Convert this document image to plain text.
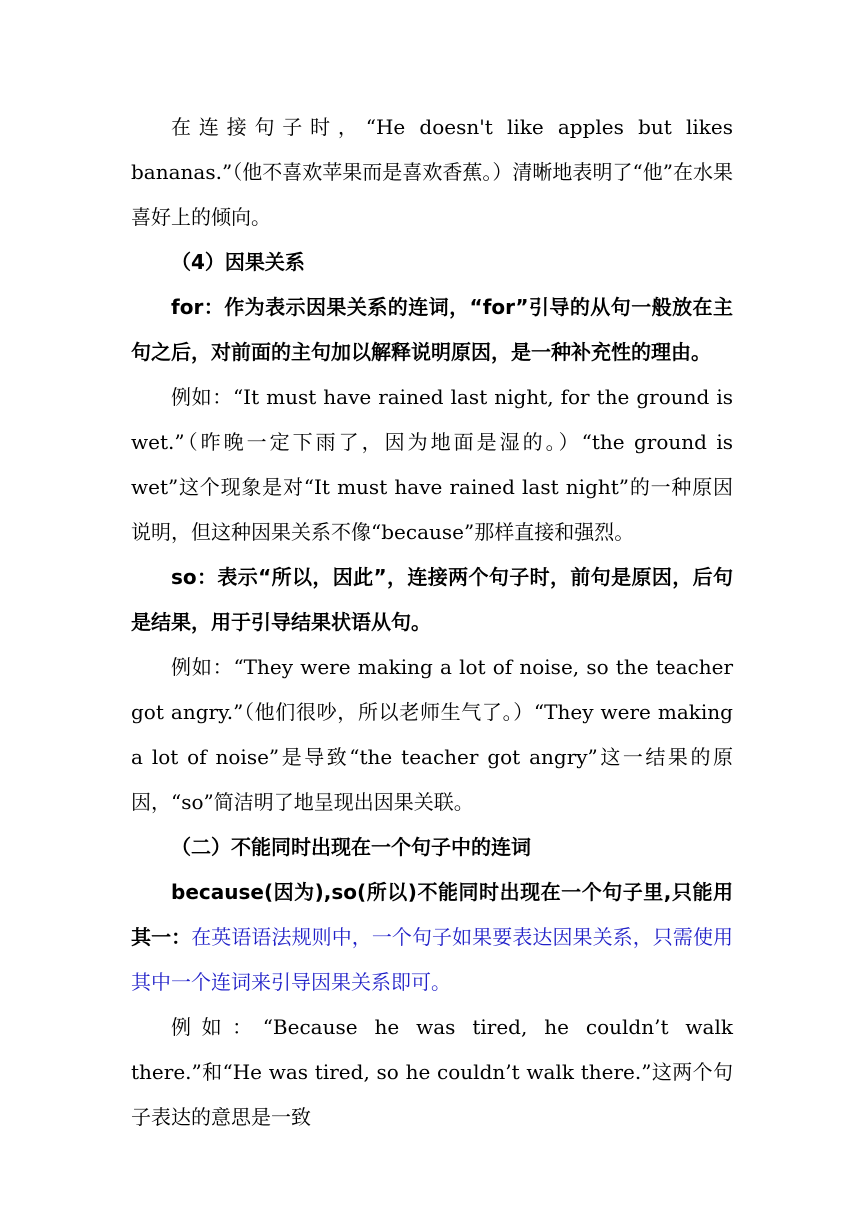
在连接句子时，“He doesn't like apples but likes bananas.”（他不喜欢苹果而是喜欢香蕉。）清晰地表明了“他”在水果喜好上的倾向。

（4）因果关系

for：作为表示因果关系的连词，“for”引导的从句一般放在主句之后，对前面的主句加以解释说明原因，是一种补充性的理由。

例如：“It must have rained last night, for the ground is wet.”（昨晚一定下雨了，因为地面是湿的。）“the ground is wet”这个现象是对“It must have rained last night”的一种原因说明，但这种因果关系不像“because”那样直接和强烈。

so：表示“所以，因此”，连接两个句子时，前句是原因，后句是结果，用于引导结果状语从句。

例如：“They were making a lot of noise, so the teacher got angry.”（他们很吵，所以老师生气了。）“They were making a lot of noise”是导致“the teacher got angry”这一结果的原因，“so”简洁明了地呈现出因果关联。

（二）不能同时出现在一个句子中的连词

because(因为),so(所以)不能同时出现在一个句子里,只能用其一：在英语语法规则中，一个句子如果要表达因果关系，只需使用其中一个连词来引导因果关系即可。

例如：“Because he was tired, he couldn’t walk there.”和“He was tired, so he couldn’t walk there.”这两个句子表达的意思是一致
